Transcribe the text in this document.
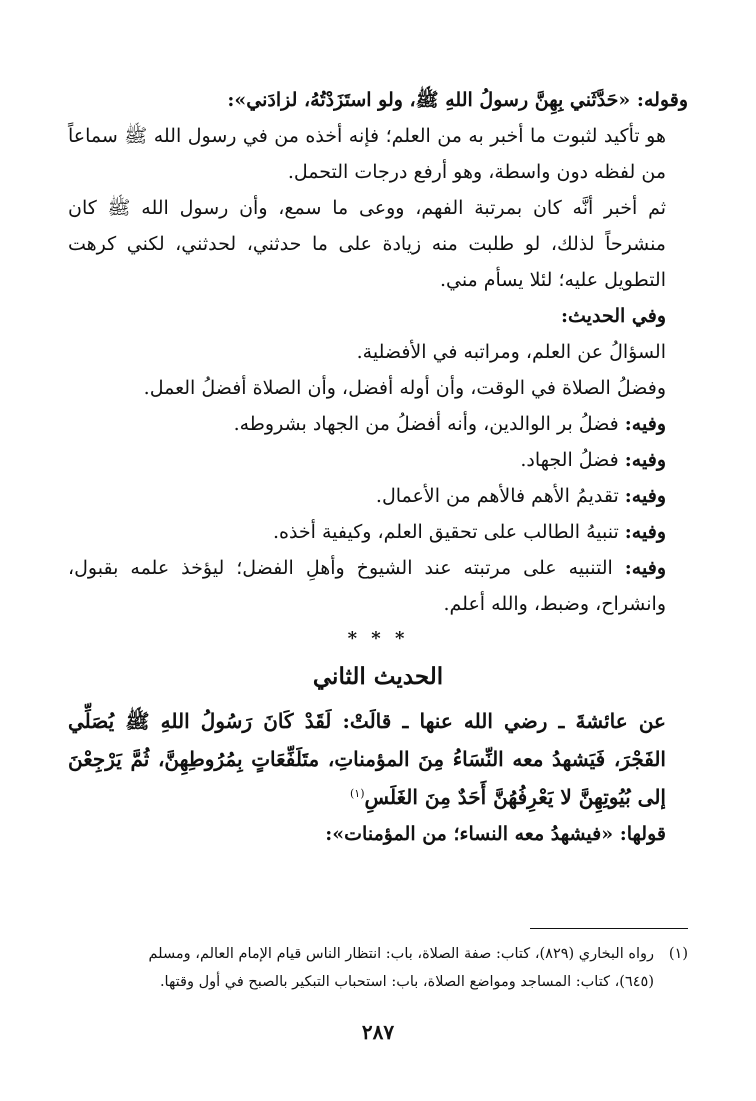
وقوله: «حَدَّثَني بِهِنَّ رسولُ اللهِ ﷺ، ولو استَزَدْتُهُ، لزادَني»:

هو تأكيد لثبوت ما أخبر به من العلم؛ فإنه أخذه من في رسول الله ﷺ سماعاً من لفظه دون واسطة، وهو أرفع درجات التحمل.

ثم أخبر أنَّه كان بمرتبة الفهم، ووعى ما سمع، وأن رسول الله ﷺ كان منشرحاً لذلك، لو طلبت منه زيادة على ما حدثني، لحدثني، لكني كرهت التطويل عليه؛ لئلا يسأم مني.

وفي الحديث:

السؤالُ عن العلم، ومراتبه في الأفضلية.

وفضلُ الصلاة في الوقت، وأن أوله أفضل، وأن الصلاة أفضلُ العمل.

وفيه: فضلُ بر الوالدين، وأنه أفضلُ من الجهاد بشروطه.

وفيه: فضلُ الجهاد.

وفيه: تقديمُ الأهم فالأهم من الأعمال.

وفيه: تنبيهُ الطالب على تحقيق العلم، وكيفية أخذه.

وفيه: التنبيه على مرتبته عند الشيوخ وأهلِ الفضل؛ ليؤخذ علمه بقبول، وانشراح، وضبط، والله أعلم.

* * *
الحديث الثاني

عن عائشةَ ـ رضي الله عنها ـ قالَتْ: لَقَدْ كَانَ رَسُولُ اللهِ ﷺ يُصَلِّي الفَجْرَ، فَيَشهدُ معه النِّسَاءُ مِنَ المؤمناتِ، متَلَفِّعَاتٍ بِمُرُوطِهِنَّ، ثُمَّ يَرْجِعْنَ إلى بُيُوتِهِنَّ لا يَعْرِفُهُنَّ أَحَدٌ مِنَ الغَلَسِ$^{(١)}$

قولها: «فيشهدُ معه النساء؛ من المؤمنات»:

(١)رواه البخاري (٨٢٩)، كتاب: صفة الصلاة، باب: انتظار الناس قيام الإمام العالم، ومسلم

(٦٤٥)، كتاب: المساجد ومواضع الصلاة، باب: استحباب التبكير بالصبح في أول وقتها.

٢٨٧
